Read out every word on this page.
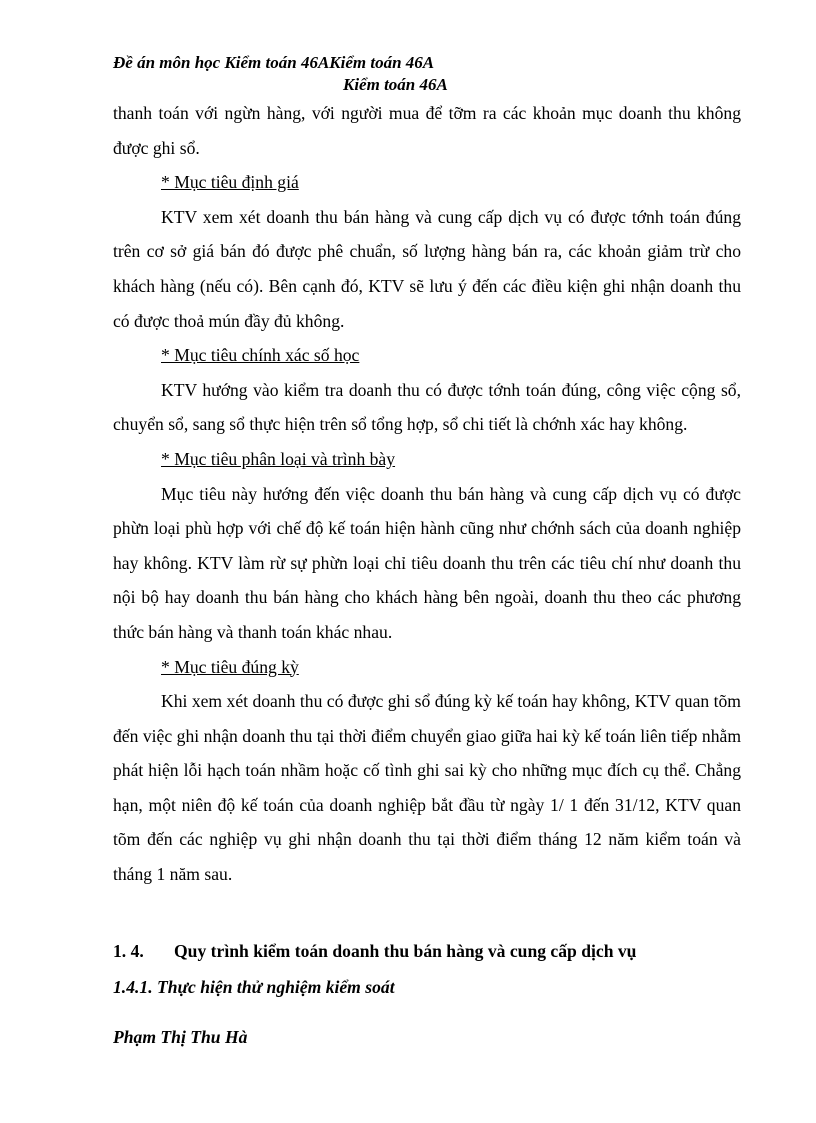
Đề án môn học Kiểm toán 46AKiểm toán 46A
Kiểm toán 46A

thanh toán với ngừn hàng, với người mua để tỡm ra các khoản mục doanh thu không được ghi sổ.

* Mục tiêu định giá

KTV xem xét doanh thu bán hàng và cung cấp dịch vụ có được tớnh toán đúng trên cơ sở giá bán đó được phê chuẩn, số lượng hàng bán ra, các khoản giảm trừ cho khách hàng (nếu có). Bên cạnh đó, KTV sẽ lưu ý đến các điều kiện ghi nhận doanh thu có được thoả mún đầy đủ không.

* Mục tiêu chính xác số học

KTV hướng vào kiểm tra doanh thu có được tớnh toán đúng, công việc cộng sổ, chuyển sổ, sang sổ thực hiện trên sổ tổng hợp, sổ chi tiết là chớnh xác hay không.

* Mục tiêu phân loại và trình bày

Mục tiêu này hướng đến việc doanh thu bán hàng và cung cấp dịch vụ có được phừn loại phù hợp với chế độ kế toán hiện hành cũng như chớnh sách của doanh nghiệp hay không. KTV làm rừ sự phừn loại chỉ tiêu doanh thu trên các tiêu chí như doanh thu nội bộ hay doanh thu bán hàng cho khách hàng bên ngoài, doanh thu theo các phương thức bán hàng và thanh toán khác nhau.

* Mục tiêu đúng kỳ

Khi xem xét doanh thu có được ghi sổ đúng kỳ kế toán hay không, KTV quan tõm đến việc ghi nhận doanh thu tại thời điểm chuyển giao giữa hai kỳ kế toán liên tiếp nhằm phát hiện lỗi hạch toán nhầm hoặc cố tình ghi sai kỳ cho những mục đích cụ thể. Chẳng hạn, một niên độ kế toán của doanh nghiệp bắt đầu từ ngày 1/ 1 đến 31/12, KTV quan tõm đến các nghiệp vụ ghi nhận doanh thu tại thời điểm tháng 12 năm kiểm toán và tháng 1 năm sau.

1. 4. Quy trình kiểm toán doanh thu bán hàng và cung cấp dịch vụ
1.4.1. Thực hiện thử nghiệm kiểm soát
Phạm Thị Thu Hà
